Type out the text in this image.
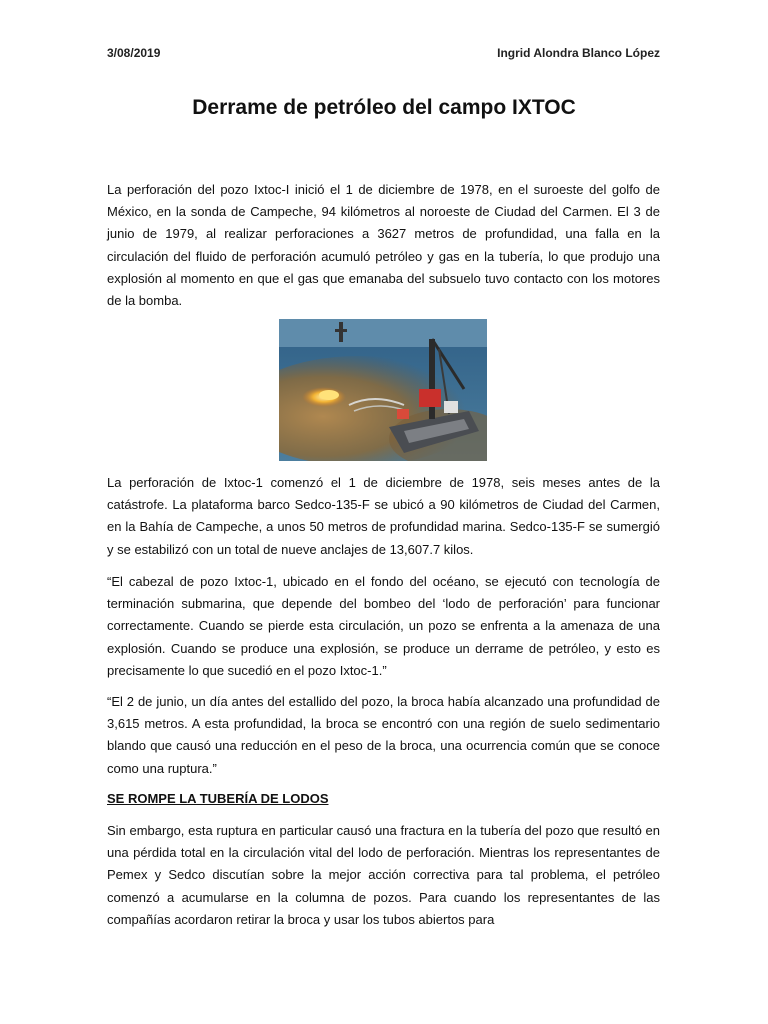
3/08/2019	Ingrid Alondra Blanco López
Derrame de petróleo del campo IXTOC

La perforación del pozo Ixtoc-I inició el 1 de diciembre de 1978, en el suroeste del golfo de México, en la sonda de Campeche, 94 kilómetros al noroeste de Ciudad del Carmen. El 3 de junio de 1979, al realizar perforaciones a 3627 metros de profundidad, una falla en la circulación del fluido de perforación acumuló petróleo y gas en la tubería, lo que produjo una explosión al momento en que el gas que emanaba del subsuelo tuvo contacto con los motores de la bomba.

La perforación de Ixtoc-1 comenzó el 1 de diciembre de 1978, seis meses antes de la catástrofe. La plataforma barco Sedco-135-F se ubicó a 90 kilómetros de Ciudad del Carmen, en la Bahía de Campeche, a unos 50 metros de profundidad marina. Sedco-135-F se sumergió y se estabilizó con un total de nueve anclajes de 13,607.7 kilos.

“El cabezal de pozo Ixtoc-1, ubicado en el fondo del océano, se ejecutó con tecnología de terminación submarina, que depende del bombeo del ‘lodo de perforación’ para funcionar correctamente. Cuando se pierde esta circulación, un pozo se enfrenta a la amenaza de una explosión. Cuando se produce una explosión, se produce un derrame de petróleo, y esto es precisamente lo que sucedió en el pozo Ixtoc-1.”

“El 2 de junio, un día antes del estallido del pozo, la broca había alcanzado una profundidad de 3,615 metros. A esta profundidad, la broca se encontró con una región de suelo sedimentario blando que causó una reducción en el peso de la broca, una ocurrencia común que se conoce como una ruptura.”

SE ROMPE LA TUBERÍA DE LODOS

Sin embargo, esta ruptura en particular causó una fractura en la tubería del pozo que resultó en una pérdida total en la circulación vital del lodo de perforación. Mientras los representantes de Pemex y Sedco discutían sobre la mejor acción correctiva para tal problema, el petróleo comenzó a acumularse en la columna de pozos. Para cuando los representantes de las compañías acordaron retirar la broca y usar los tubos abiertos para
